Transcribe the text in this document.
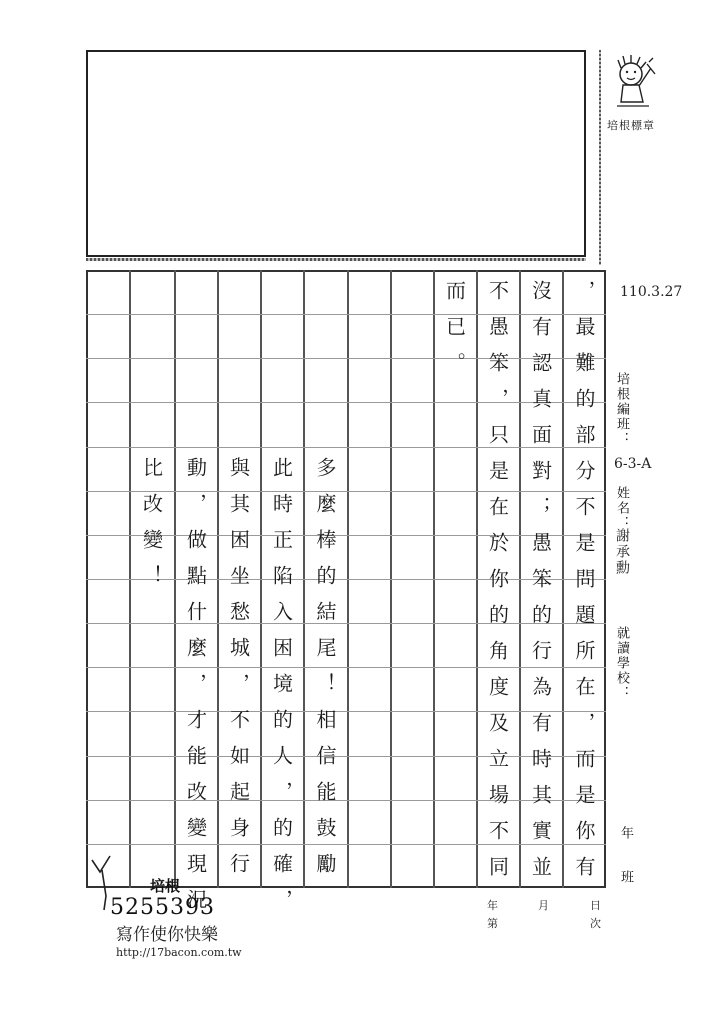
培根標章
，最難的部分不是問題所在，而是你有
沒有認真面對；愚笨的行為有時其實並
不愚笨，只是在於你的角度及立場不同
而已。
多麼棒的結尾！相信能鼓勵
此時正陷入困境的人，的確，
與其困坐愁城，不如起身行
動，做點什麼，才能改變現況
比改變！
110.3.27
培根編班：
6-3-A
姓名：
謝承勳
就讀學校：
年
班
年	月	日
第	次
培根
5255393
寫作使你快樂
http://17bacon.com.tw
